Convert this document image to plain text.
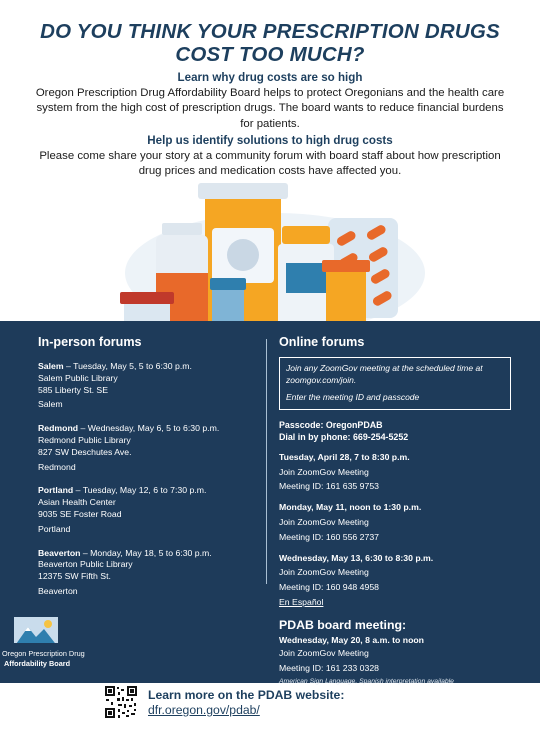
DO YOU THINK YOUR PRESCRIPTION DRUGS
COST TOO MUCH?
Learn why drug costs are so high

Oregon Prescription Drug Affordability Board helps to protect Oregonians and the health care system from the high cost of prescription drugs. The board wants to reduce financial burdens for patients.

Help us identify solutions to high drug costs

Please come share your story at a community forum with board staff about how prescription drug prices and medication costs have affected you.

In-person forums
Salem – Tuesday, May 5, 5 to 6:30 p.m.
Salem Public Library
585 Liberty St. SE
Salem
Redmond – Wednesday, May 6, 5 to 6:30 p.m.
Redmond Public Library
827 SW Deschutes Ave.
Redmond
Portland – Tuesday, May 12, 6 to 7:30 p.m.
Asian Health Center
9035 SE Foster Road
Portland
Beaverton – Monday, May 18, 5 to 6:30 p.m.
Beaverton Public Library
12375 SW Fifth St.
Beaverton
Online forums

Join any ZoomGov meeting at the scheduled time at zoomgov.com/join.

Enter the meeting ID and passcode

Passcode: OregonPDAB
Dial in by phone: 669-254-5252
Tuesday, April 28, 7 to 8:30 p.m.
Join ZoomGov Meeting
Meeting ID: 161 635 9753
Monday, May 11, noon to 1:30 p.m.
Join ZoomGov Meeting
Meeting ID: 160 556 2737
Wednesday, May 13, 6:30 to 8:30 p.m.
Join ZoomGov Meeting
Meeting ID: 160 948 4958
En Español
PDAB board meeting:
Wednesday, May 20, 8 a.m. to noon
Join ZoomGov Meeting
Meeting ID: 161 233 0328
American Sign Language, Spanish interpretation available
Oregon Prescription Drug
Affordability Board
Learn more on the PDAB website:
dfr.oregon.gov/pdab/
